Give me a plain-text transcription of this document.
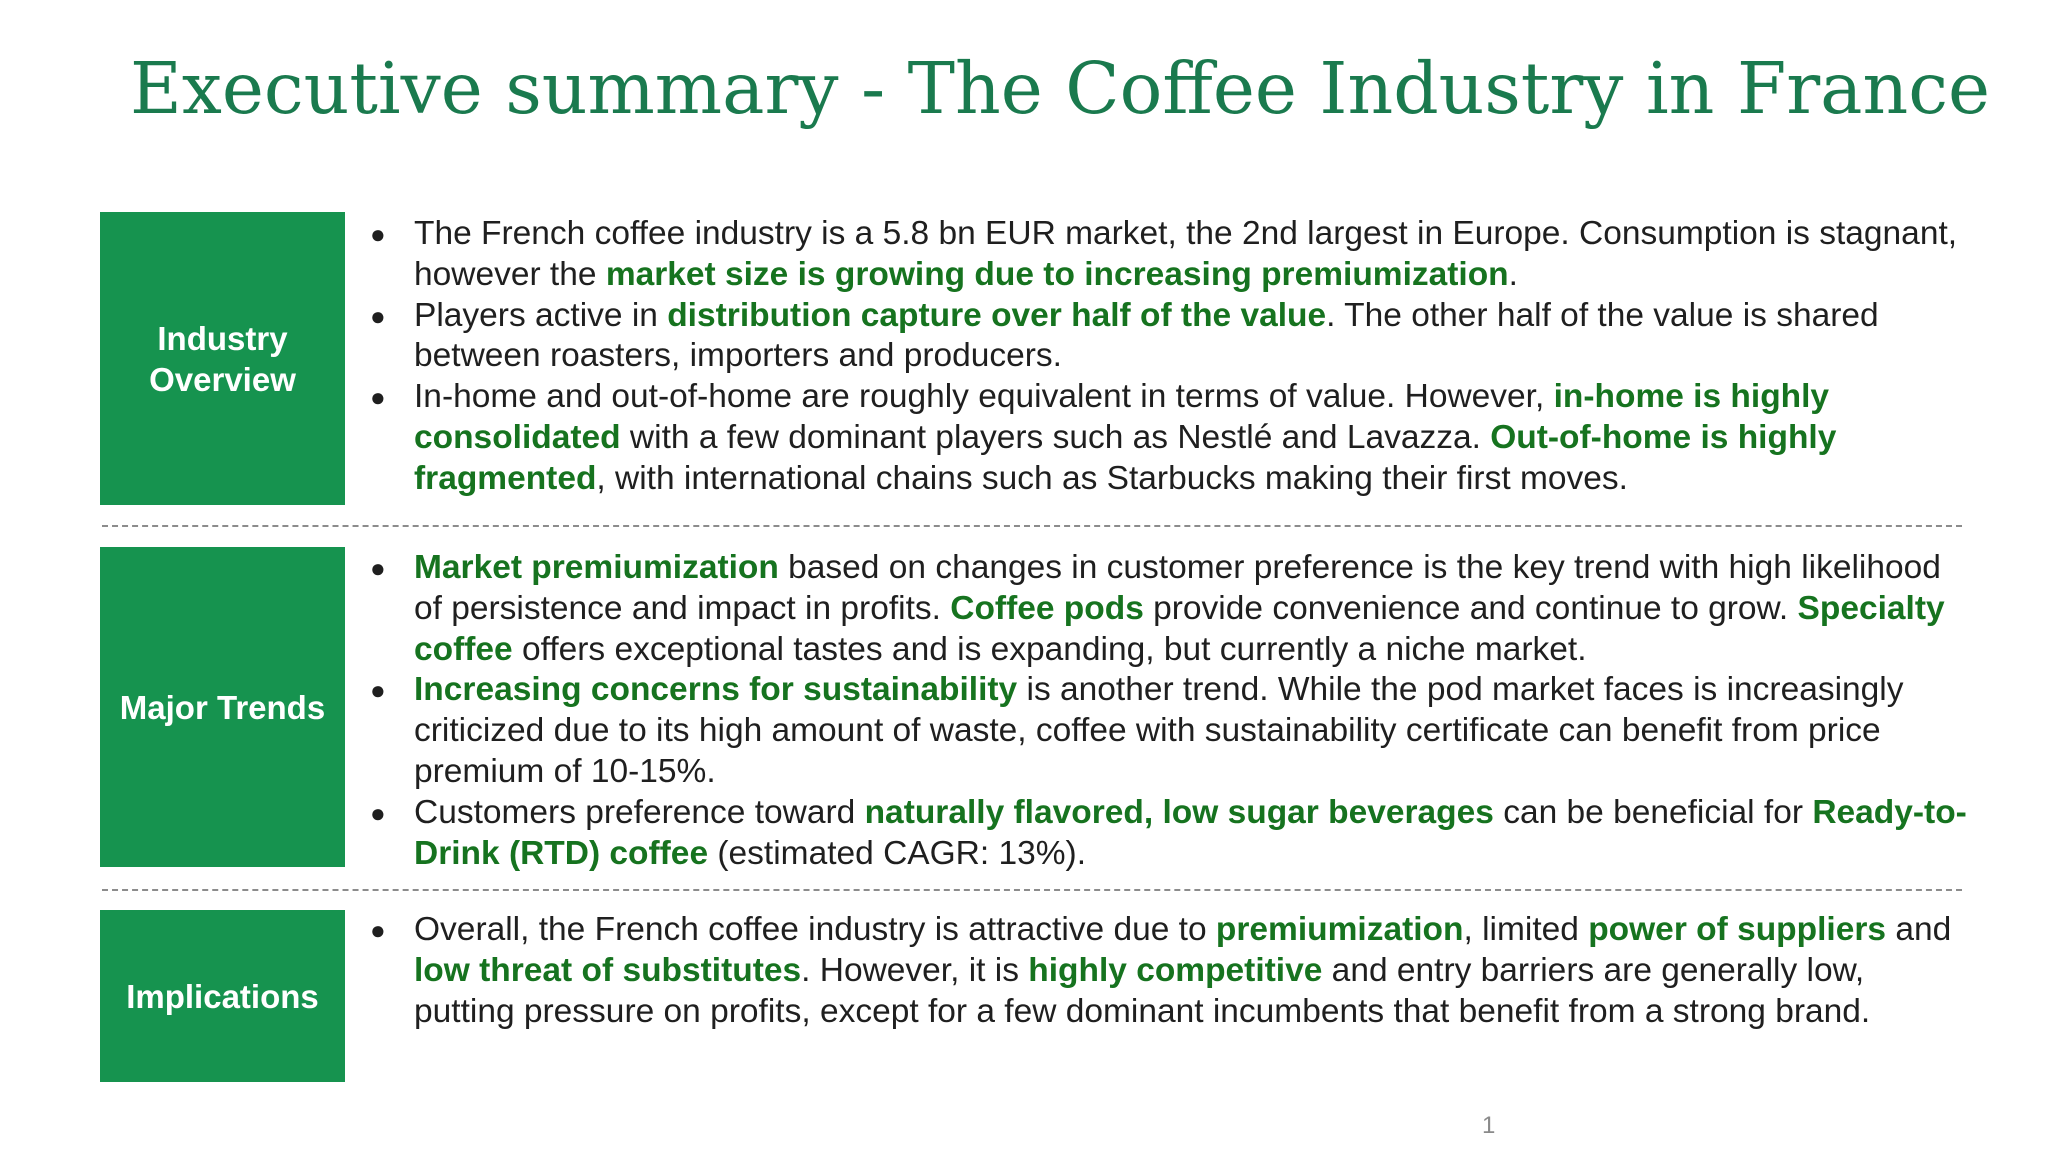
Executive summary - The Coffee Industry in France
Industry
Overview
● The French coffee industry is a 5.8 bn EUR market, the 2nd largest in Europe. Consumption is stagnant, however the market size is growing due to increasing premiumization.
● Players active in distribution capture over half of the value. The other half of the value is shared between roasters, importers and producers.
● In-home and out-of-home are roughly equivalent in terms of value. However, in-home is highly consolidated with a few dominant players such as Nestlé and Lavazza. Out-of-home is highly fragmented, with international chains such as Starbucks making their first moves.
Major Trends
● Market premiumization based on changes in customer preference is the key trend with high likelihood of persistence and impact in profits. Coffee pods provide convenience and continue to grow. Specialty coffee offers exceptional tastes and is expanding, but currently a niche market.
● Increasing concerns for sustainability is another trend. While the pod market faces is increasingly criticized due to its high amount of waste, coffee with sustainability certificate can benefit from price premium of 10-15%.
● Customers preference toward naturally flavored, low sugar beverages can be beneficial for Ready-to-Drink (RTD) coffee (estimated CAGR: 13%).
Implications
● Overall, the French coffee industry is attractive due to premiumization, limited power of suppliers and low threat of substitutes. However, it is highly competitive and entry barriers are generally low, putting pressure on profits, except for a few dominant incumbents that benefit from a strong brand.
1
